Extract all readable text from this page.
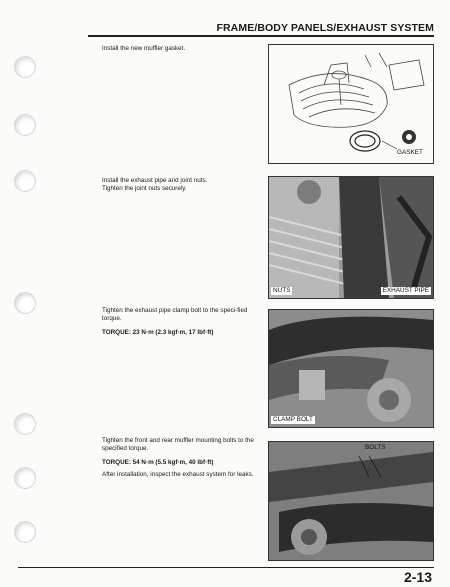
FRAME/BODY PANELS/EXHAUST SYSTEM

Install the new muffler gasket.

GASKET

Install the exhaust pipe and joint nuts.
Tighten the joint nuts securely.

NUTS	EXHAUST PIPE

Tighten the exhaust pipe clamp bolt to the speci-fied torque.

TORQUE: 23 N·m (2.3 kgf·m, 17 lbf·ft)

CLAMP BOLT

Tighten the front and rear muffler mounting bolts to the specified torque.

TORQUE: 54 N·m (5.5 kgf·m, 40 lbf·ft)

After installation, inspect the exhaust system for leaks.

BOLTS
2-13
